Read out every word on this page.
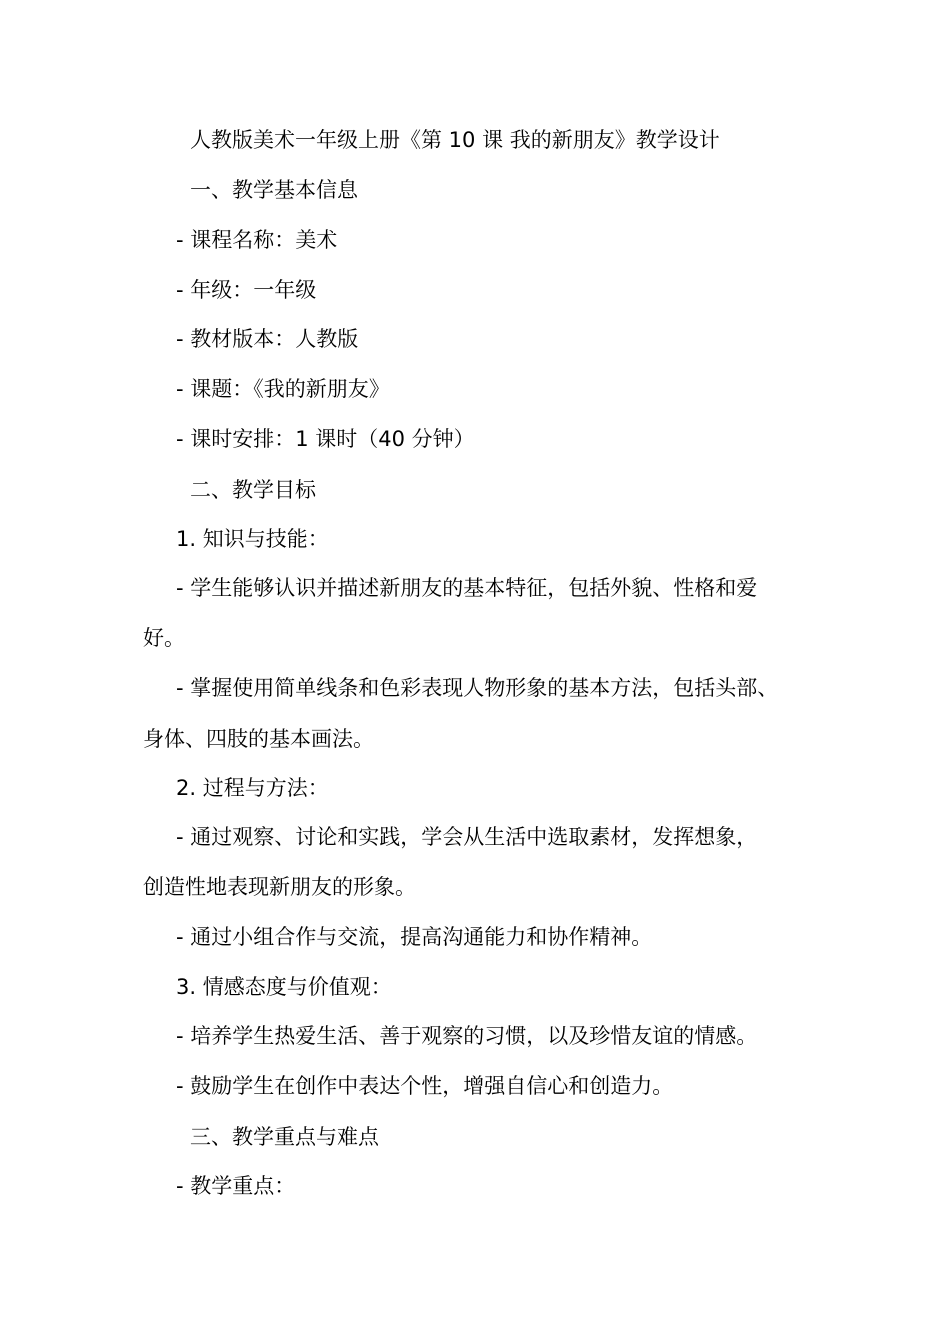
人教版美术一年级上册《第 10 课 我的新朋友》教学设计
一、教学基本信息
- 课程名称：美术
- 年级：一年级
- 教材版本：人教版
- 课题：《我的新朋友》
- 课时安排：1 课时（40 分钟）
二、教学目标
1. 知识与技能：
- 学生能够认识并描述新朋友的基本特征，包括外貌、性格和爱
好。
- 掌握使用简单线条和色彩表现人物形象的基本方法，包括头部、
身体、四肢的基本画法。
2. 过程与方法：
- 通过观察、讨论和实践，学会从生活中选取素材，发挥想象，
创造性地表现新朋友的形象。
- 通过小组合作与交流，提高沟通能力和协作精神。
3. 情感态度与价值观：
- 培养学生热爱生活、善于观察的习惯，以及珍惜友谊的情感。
- 鼓励学生在创作中表达个性，增强自信心和创造力。
三、教学重点与难点
- 教学重点：
